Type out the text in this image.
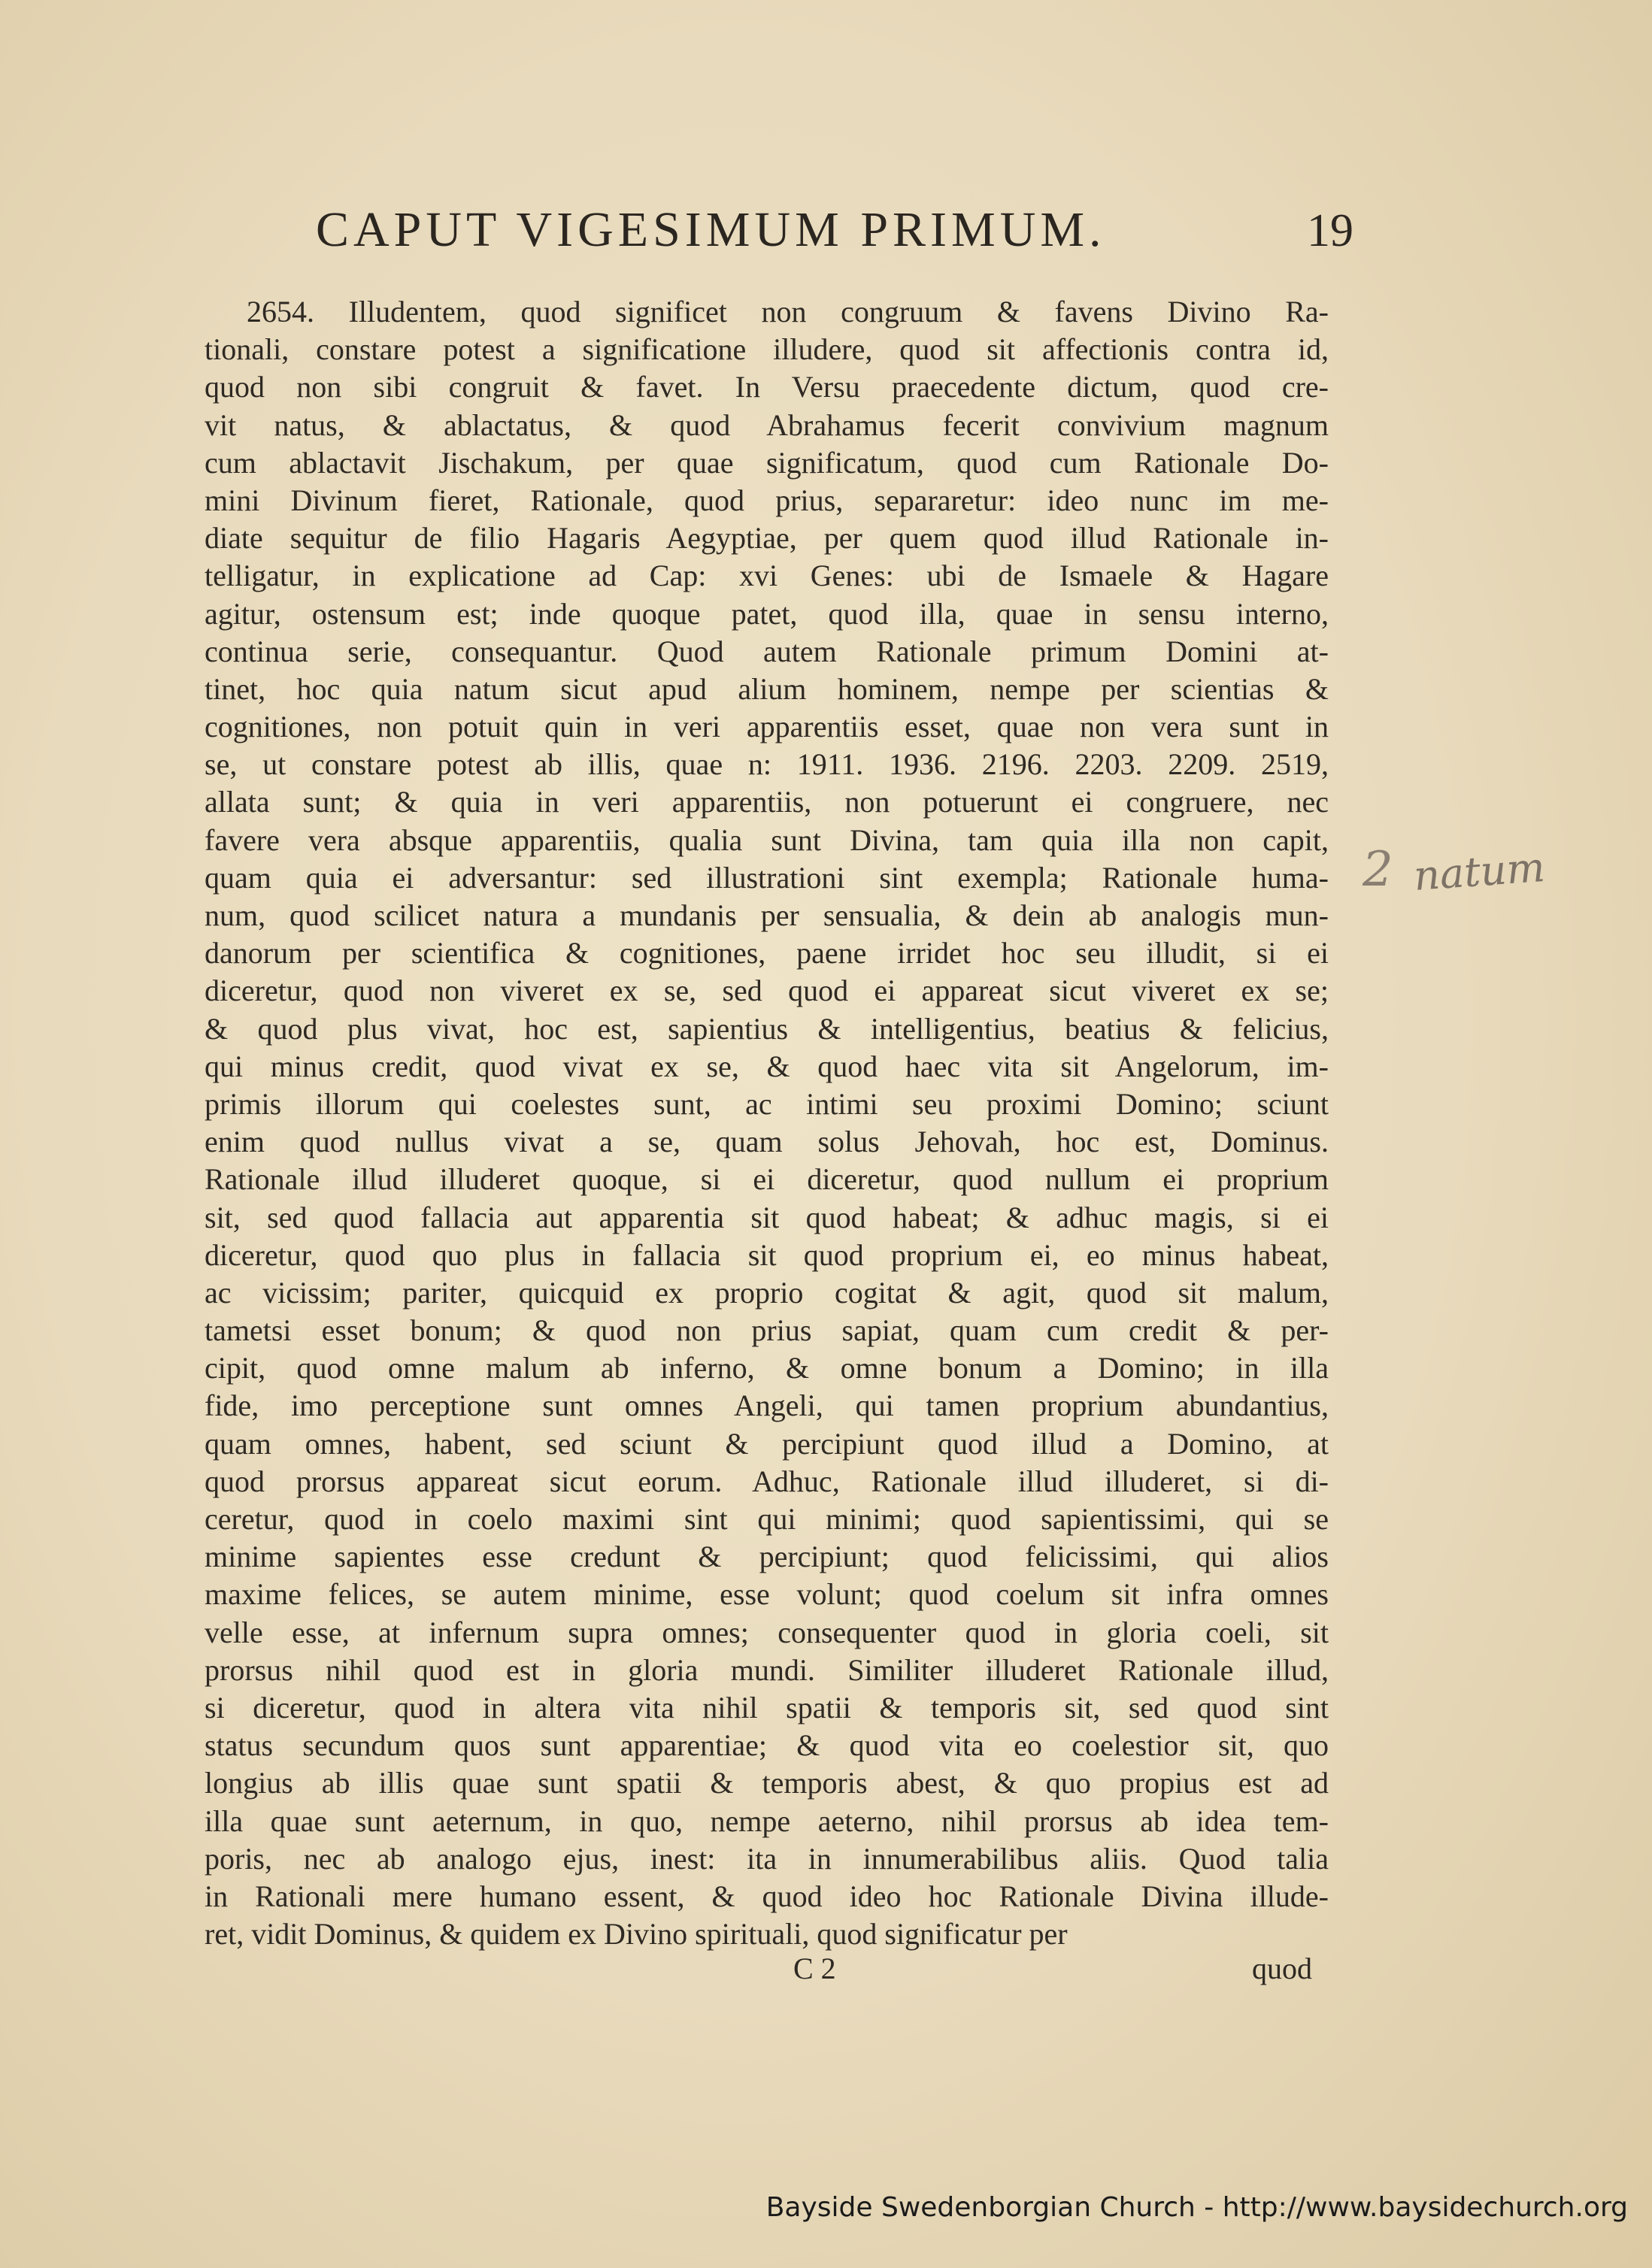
CAPUT VIGESIMUM PRIMUM.	19
2654. Illudentem, quod significet non congruum & favens Divino Ra-
tionali, constare potest a significatione illudere, quod sit affectionis contra id,
quod non sibi congruit & favet. In Versu praecedente dictum, quod cre-
vit natus, & ablactatus, & quod Abrahamus fecerit convivium magnum
cum ablactavit Jischakum, per quae significatum, quod cum Rationale Do-
mini Divinum fieret, Rationale, quod prius, separaretur: ideo nunc im me-
diate sequitur de filio Hagaris Aegyptiae, per quem quod illud Rationale in-
telligatur, in explicatione ad Cap: xvi Genes: ubi de Ismaele & Hagare
agitur, ostensum est; inde quoque patet, quod illa, quae in sensu interno,
continua serie, consequantur. Quod autem Rationale primum Domini at-
tinet, hoc quia natum sicut apud alium hominem, nempe per scientias &
cognitiones, non potuit quin in veri apparentiis esset, quae non vera sunt in
se, ut constare potest ab illis, quae n: 1911. 1936. 2196. 2203. 2209. 2519,
allata sunt; & quia in veri apparentiis, non potuerunt ei congruere, nec
favere vera absque apparentiis, qualia sunt Divina, tam quia illa non capit,
quam quia ei adversantur: sed illustrationi sint exempla; Rationale huma-
num, quod scilicet natura a mundanis per sensualia, & dein ab analogis mun-
danorum per scientifica & cognitiones, paene irridet hoc seu illudit, si ei
diceretur, quod non viveret ex se, sed quod ei appareat sicut viveret ex se;
& quod plus vivat, hoc est, sapientius & intelligentius, beatius & felicius,
qui minus credit, quod vivat ex se, & quod haec vita sit Angelorum, im-
primis illorum qui coelestes sunt, ac intimi seu proximi Domino; sciunt
enim quod nullus vivat a se, quam solus Jehovah, hoc est, Dominus.
Rationale illud illuderet quoque, si ei diceretur, quod nullum ei proprium
sit, sed quod fallacia aut apparentia sit quod habeat; & adhuc magis, si ei
diceretur, quod quo plus in fallacia sit quod proprium ei, eo minus habeat,
ac vicissim; pariter, quicquid ex proprio cogitat & agit, quod sit malum,
tametsi esset bonum; & quod non prius sapiat, quam cum credit & per-
cipit, quod omne malum ab inferno, & omne bonum a Domino; in illa
fide, imo perceptione sunt omnes Angeli, qui tamen proprium abundantius,
quam omnes, habent, sed sciunt & percipiunt quod illud a Domino, at
quod prorsus appareat sicut eorum. Adhuc, Rationale illud illuderet, si di-
ceretur, quod in coelo maximi sint qui minimi; quod sapientissimi, qui se
minime sapientes esse credunt & percipiunt; quod felicissimi, qui alios
maxime felices, se autem minime, esse volunt; quod coelum sit infra omnes
velle esse, at infernum supra omnes; consequenter quod in gloria coeli, sit
prorsus nihil quod est in gloria mundi. Similiter illuderet Rationale illud,
si diceretur, quod in altera vita nihil spatii & temporis sit, sed quod sint
status secundum quos sunt apparentiae; & quod vita eo coelestior sit, quo
longius ab illis quae sunt spatii & temporis abest, & quo propius est ad
illa quae sunt aeternum, in quo, nempe aeterno, nihil prorsus ab idea tem-
poris, nec ab analogo ejus, inest: ita in innumerabilibus aliis. Quod talia
in Rationali mere humano essent, & quod ideo hoc Rationale Divina illude-
ret, vidit Dominus, & quidem ex Divino spirituali, quod significatur per
C 2	quod
2 natum
Bayside Swedenborgian Church - http://www.baysidechurch.org
